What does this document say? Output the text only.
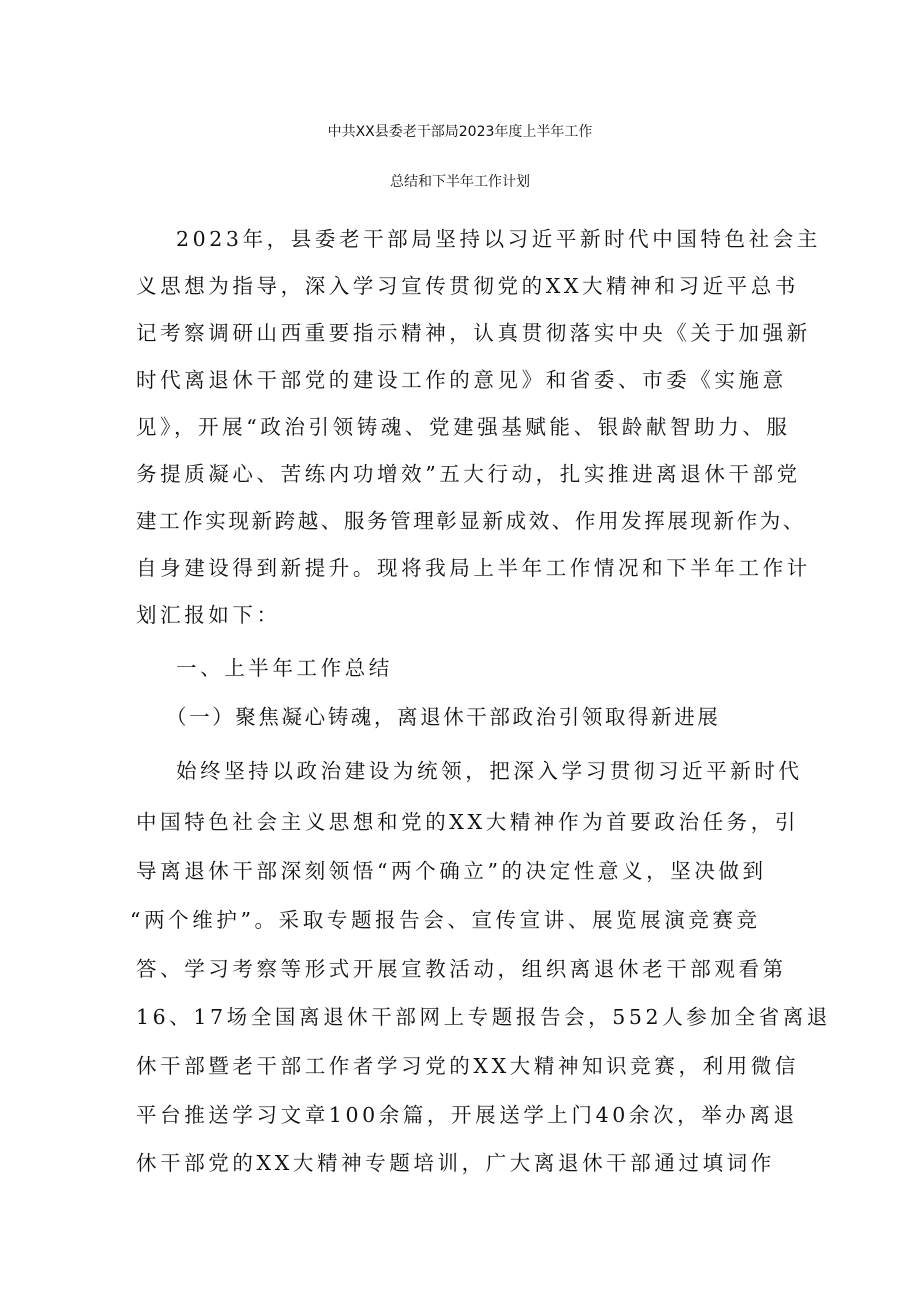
中共XX县委老干部局2023年度上半年工作
总结和下半年工作计划
2023年，县委老干部局坚持以习近平新时代中国特色社会主
义思想为指导，深入学习宣传贯彻党的XX大精神和习近平总书
记考察调研山西重要指示精神，认真贯彻落实中央《关于加强新
时代离退休干部党的建设工作的意见》和省委、市委《实施意
见》，开展“政治引领铸魂、党建强基赋能、银龄献智助力、服
务提质凝心、苦练内功增效”五大行动，扎实推进离退休干部党
建工作实现新跨越、服务管理彰显新成效、作用发挥展现新作为、
自身建设得到新提升。现将我局上半年工作情况和下半年工作计
划汇报如下：
一、上半年工作总结
（一）聚焦凝心铸魂，离退休干部政治引领取得新进展
始终坚持以政治建设为统领，把深入学习贯彻习近平新时代
中国特色社会主义思想和党的XX大精神作为首要政治任务，引
导离退休干部深刻领悟“两个确立”的决定性意义，坚决做到
“两个维护”。采取专题报告会、宣传宣讲、展览展演竞赛竞
答、学习考察等形式开展宣教活动，组织离退休老干部观看第
16、17场全国离退休干部网上专题报告会，552人参加全省离退
休干部暨老干部工作者学习党的XX大精神知识竞赛，利用微信
平台推送学习文章100余篇，开展送学上门40余次，举办离退
休干部党的XX大精神专题培训，广大离退休干部通过填词作
